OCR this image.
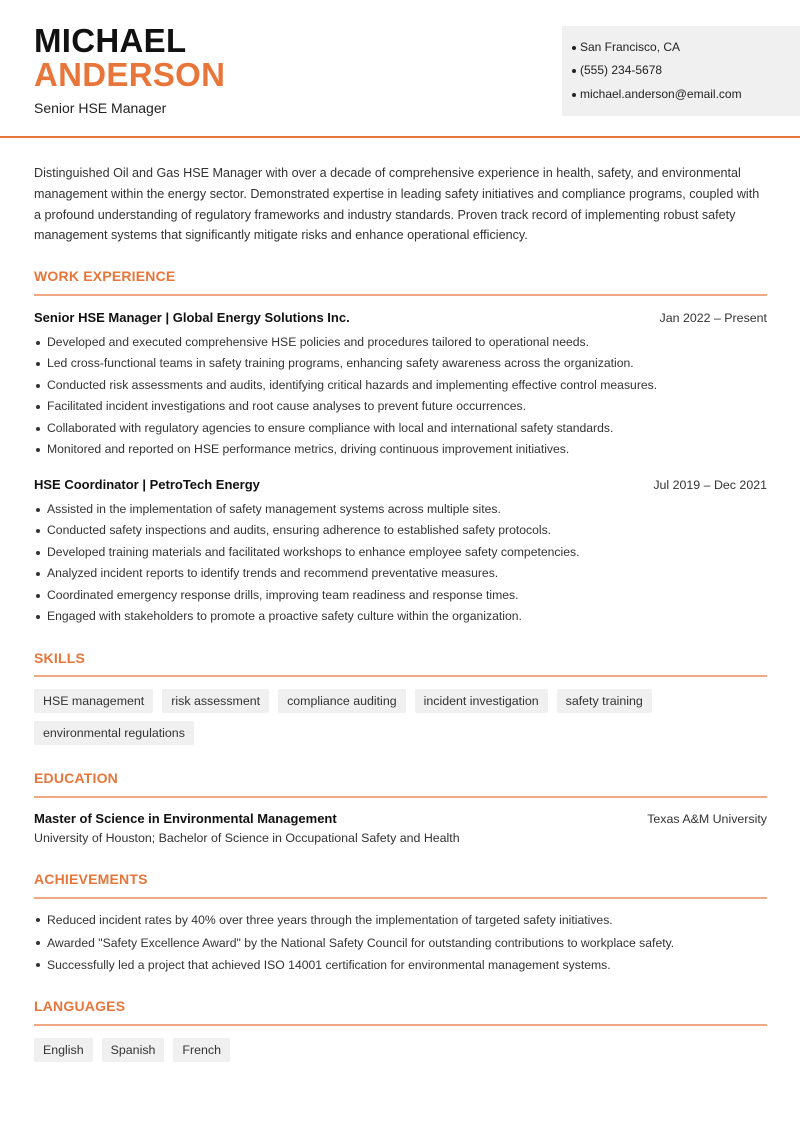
MICHAEL
ANDERSON
Senior HSE Manager
San Francisco, CA
(555) 234-5678
michael.anderson@email.com
Distinguished Oil and Gas HSE Manager with over a decade of comprehensive experience in health, safety, and environmental management within the energy sector. Demonstrated expertise in leading safety initiatives and compliance programs, coupled with a profound understanding of regulatory frameworks and industry standards. Proven track record of implementing robust safety management systems that significantly mitigate risks and enhance operational efficiency.
WORK EXPERIENCE
Senior HSE Manager | Global Energy Solutions Inc.	Jan 2022 – Present
Developed and executed comprehensive HSE policies and procedures tailored to operational needs.
Led cross-functional teams in safety training programs, enhancing safety awareness across the organization.
Conducted risk assessments and audits, identifying critical hazards and implementing effective control measures.
Facilitated incident investigations and root cause analyses to prevent future occurrences.
Collaborated with regulatory agencies to ensure compliance with local and international safety standards.
Monitored and reported on HSE performance metrics, driving continuous improvement initiatives.
HSE Coordinator | PetroTech Energy	Jul 2019 – Dec 2021
Assisted in the implementation of safety management systems across multiple sites.
Conducted safety inspections and audits, ensuring adherence to established safety protocols.
Developed training materials and facilitated workshops to enhance employee safety competencies.
Analyzed incident reports to identify trends and recommend preventative measures.
Coordinated emergency response drills, improving team readiness and response times.
Engaged with stakeholders to promote a proactive safety culture within the organization.
SKILLS
HSE management	risk assessment	compliance auditing	incident investigation	safety training
environmental regulations
EDUCATION
Master of Science in Environmental Management	Texas A&M University
University of Houston; Bachelor of Science in Occupational Safety and Health
ACHIEVEMENTS
Reduced incident rates by 40% over three years through the implementation of targeted safety initiatives.
Awarded "Safety Excellence Award" by the National Safety Council for outstanding contributions to workplace safety.
Successfully led a project that achieved ISO 14001 certification for environmental management systems.
LANGUAGES
English	Spanish	French
